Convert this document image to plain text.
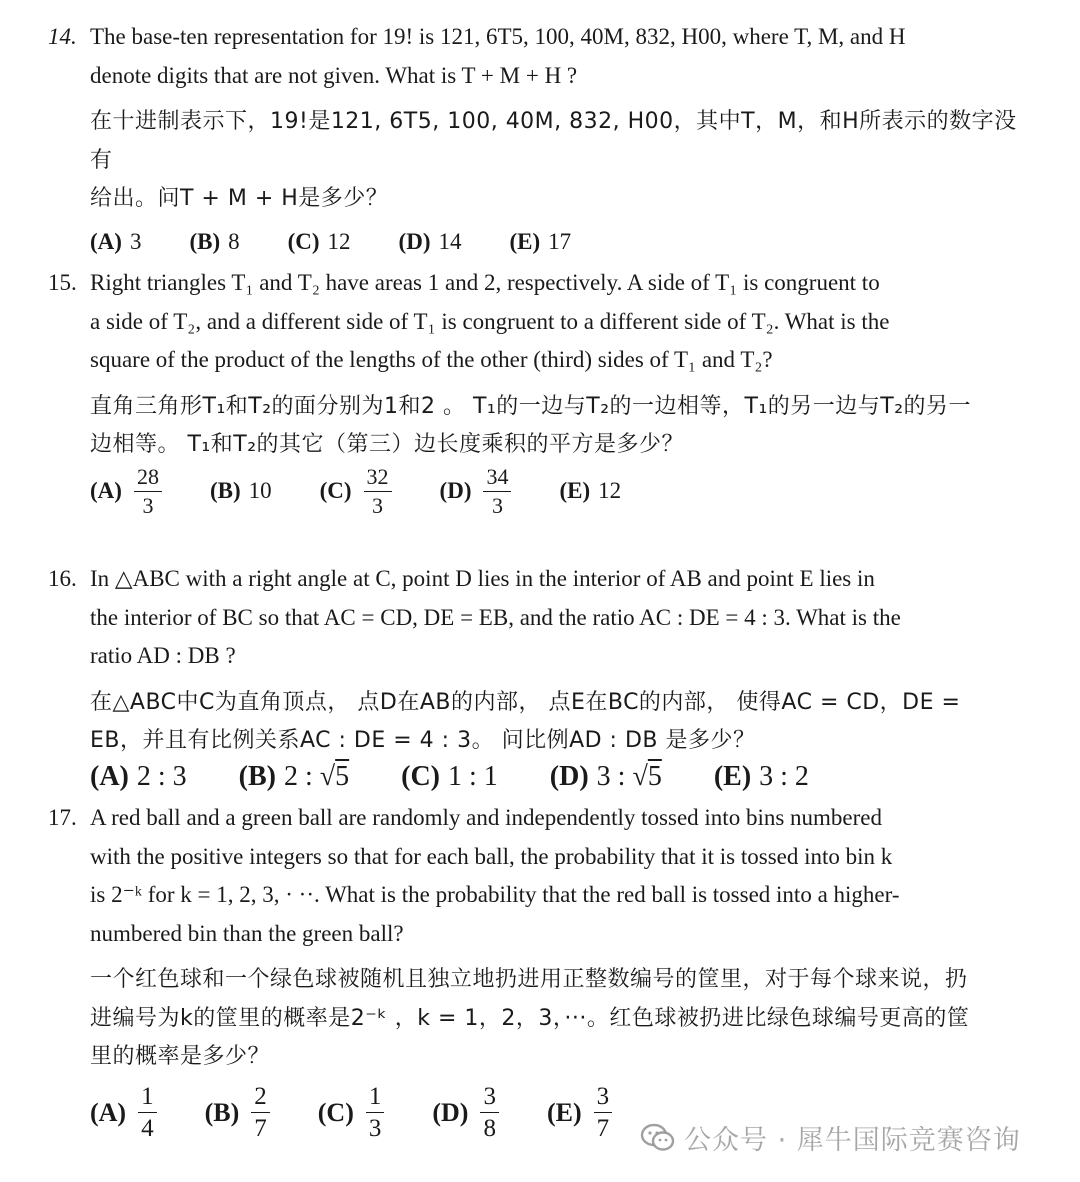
14. The base-ten representation for 19! is 121, 6T5, 100, 40M, 832, H00, where T, M, and H

denote digits that are not given. What is T + M + H ?

在十进制表示下，19!是121, 6T5, 100, 40M, 832, H00，其中T，M，和H所表示的数字没有

给出。问T + M + H是多少？

(A) 3 (B) 8 (C) 12 (D) 14 (E) 17
15. Right triangles T₁ and T₂ have areas 1 and 2, respectively. A side of T₁ is congruent to

a side of T₂, and a different side of T₁ is congruent to a different side of T₂. What is the

square of the product of the lengths of the other (third) sides of T₁ and T₂?

直角三角形T₁和T₂的面分别为1和2 。 T₁的一边与T₂的一边相等，T₁的另一边与T₂的另一

边相等。 T₁和T₂的其它（第三）边长度乘积的平方是多少？

$(A) \frac{28}{3} (B)$ 10 $(C) \frac{32}{3} (D) \frac{34}{3} (E)$ 12
16. In △ABC with a right angle at C, point D lies in the interior of AB and point E lies in

the interior of BC so that AC = CD, DE = EB, and the ratio AC : DE = 4 : 3. What is the

ratio AD : DB ?

在△ABC中C为直角顶点， 点D在AB的内部， 点E在BC的内部， 使得AC = CD，DE =

EB，并且有比例关系AC : DE = 4 : 3。 问比例AD : DB 是多少？

(A) 2 : 3 (B) 2 : √5 (C) 1 : 1 (D) 3 : √5 (E) 3 : 2
17. A red ball and a green ball are randomly and independently tossed into bins numbered

with the positive integers so that for each ball, the probability that it is tossed into bin k

is 2⁻ᵏ for k = 1, 2, 3, · ··. What is the probability that the red ball is tossed into a higher-

numbered bin than the green ball?

一个红色球和一个绿色球被随机且独立地扔进用正整数编号的筐里，对于每个球来说，扔

进编号为k的筐里的概率是2⁻ᵏ ，k = 1，2，3，···。红色球被扔进比绿色球编号更高的筐

里的概率是多少？

$(A) \frac{1}{4} (B) \frac{2}{7} (C) \frac{1}{3} (D) \frac{3}{8} (E) \frac{3}{7}$	公众号 · 犀牛国际竞赛咨询
